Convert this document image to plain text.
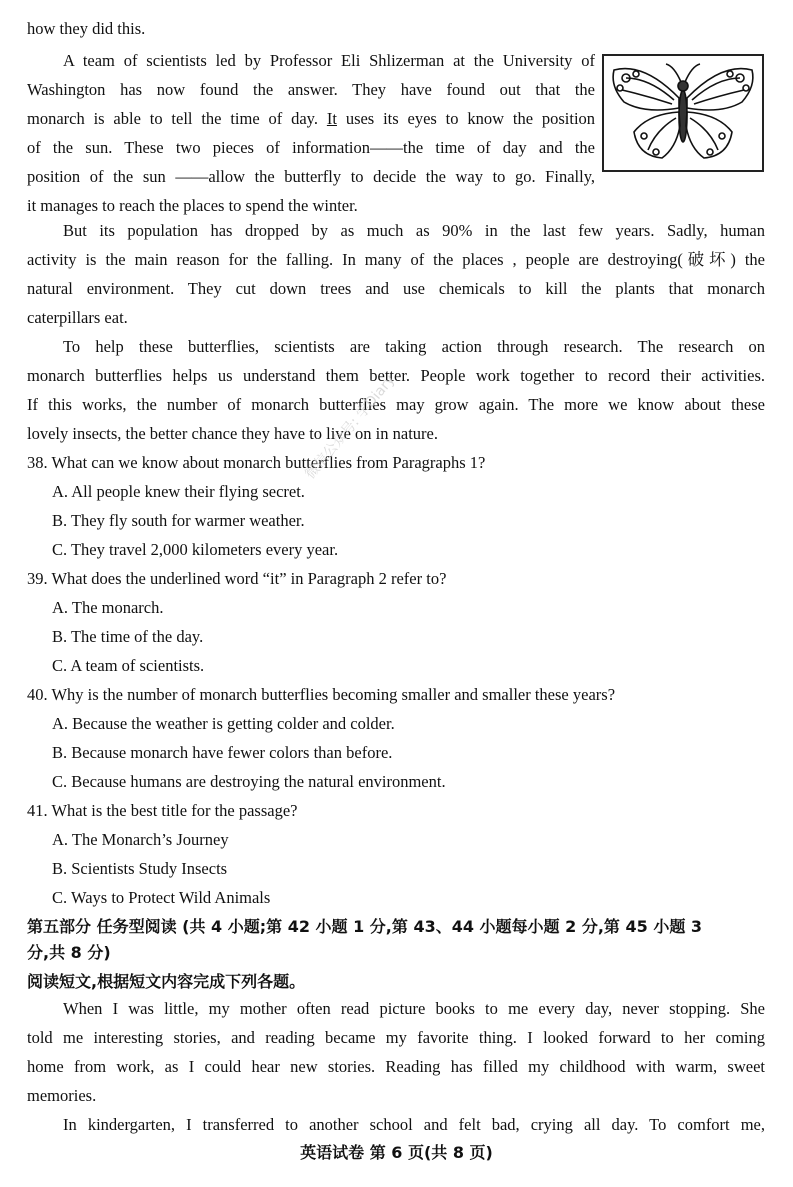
how they did this.
A team of scientists led by Professor Eli Shlizerman at the University of
Washington has now found the answer. They have found out that the
monarch is able to tell the time of day. It uses its eyes to know the position
of the sun. These two pieces of information——the time of day and the
position of the sun ——allow the butterfly to decide the way to go. Finally,
it manages to reach the places to spend the winter.
But its population has dropped by as much as 90% in the last few years. Sadly, human
activity is the main reason for the falling. In many of the places , people are destroying(破坏) the
natural environment. They cut down trees and use chemicals to kill the plants that monarch
caterpillars eat.
To help these butterflies, scientists are taking action through research. The research on
monarch butterflies helps us understand them better. People work together to record their activities.
If this works, the number of monarch butterflies may grow again. The more we know about these
lovely insects, the better chance they have to live on in nature.
38. What can we know about monarch butterflies from Paragraphs 1?
A. All people knew their flying secret.
B. They fly south for warmer weather.
C. They travel 2,000 kilometers every year.
39. What does the underlined word “it” in Paragraph 2 refer to?
A. The monarch.
B. The time of the day.
C. A team of scientists.
40. Why is the number of monarch butterflies becoming smaller and smaller these years?
A. Because the weather is getting colder and colder.
B. Because monarch have fewer colors than before.
C. Because humans are destroying the natural environment.
41. What is the best title for the passage?
A. The Monarch’s Journey
B. Scientists Study Insects
C. Ways to Protect Wild Animals
第五部分 任务型阅读 (共 4 小题;第 42 小题 1 分,第 43、44 小题每小题 2 分,第 45 小题 3
分,共 8 分)
阅读短文,根据短文内容完成下列各题。
When I was little, my mother often read picture books to me every day, never stopping. She
told me interesting stories, and reading became my favorite thing. I looked forward to her coming
home from work, as I could hear new stories. Reading has filled my childhood with warm, sweet
memories.
In kindergarten, I transferred to another school and felt bad, crying all day. To comfort me,
微信公众号: 学Diary
英语试卷 第 6 页(共 8 页)
